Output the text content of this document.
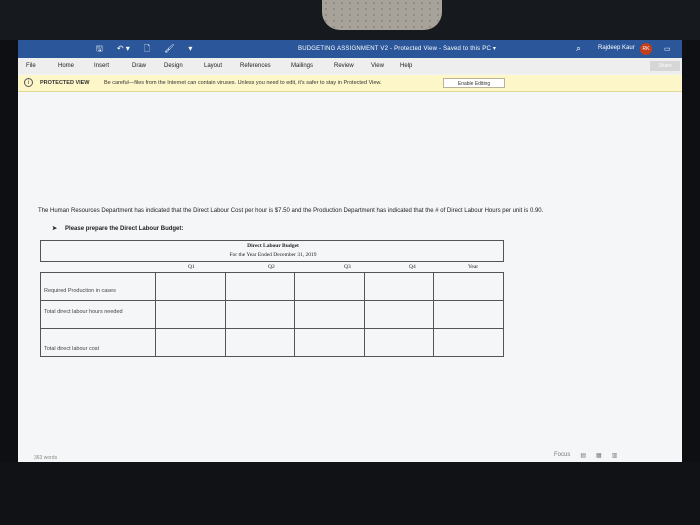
🖫 ↶ ▾ 🗋 🖌 ▾	BUDGETING ASSIGNMENT V2 - Protected View - Saved to this PC ▾	⌕	Rajdeep Kaur	RK	▭
File	Home	Insert	Draw	Design	Layout	References	Mailings	Review	View	Help	Share
i	PROTECTED VIEW	Be careful—files from the Internet can contain viruses. Unless you need to edit, it's safer to stay in Protected View.	Enable Editing
The Human Resources Department has indicated that the Direct Labour Cost per hour is $7.50 and the Production Department has indicated that the # of Direct Labour Hours per unit is 0.90.
➤ Please prepare the Direct Labour Budget:
Direct Labour Budget
For the Year Ended December 31, 2019
Q1	Q2	Q3	Q4	Year
Required Production in cases					

Total direct labour hours needed					

Total direct labour cost					

363 words	Focus ▤ ▦ ▥
